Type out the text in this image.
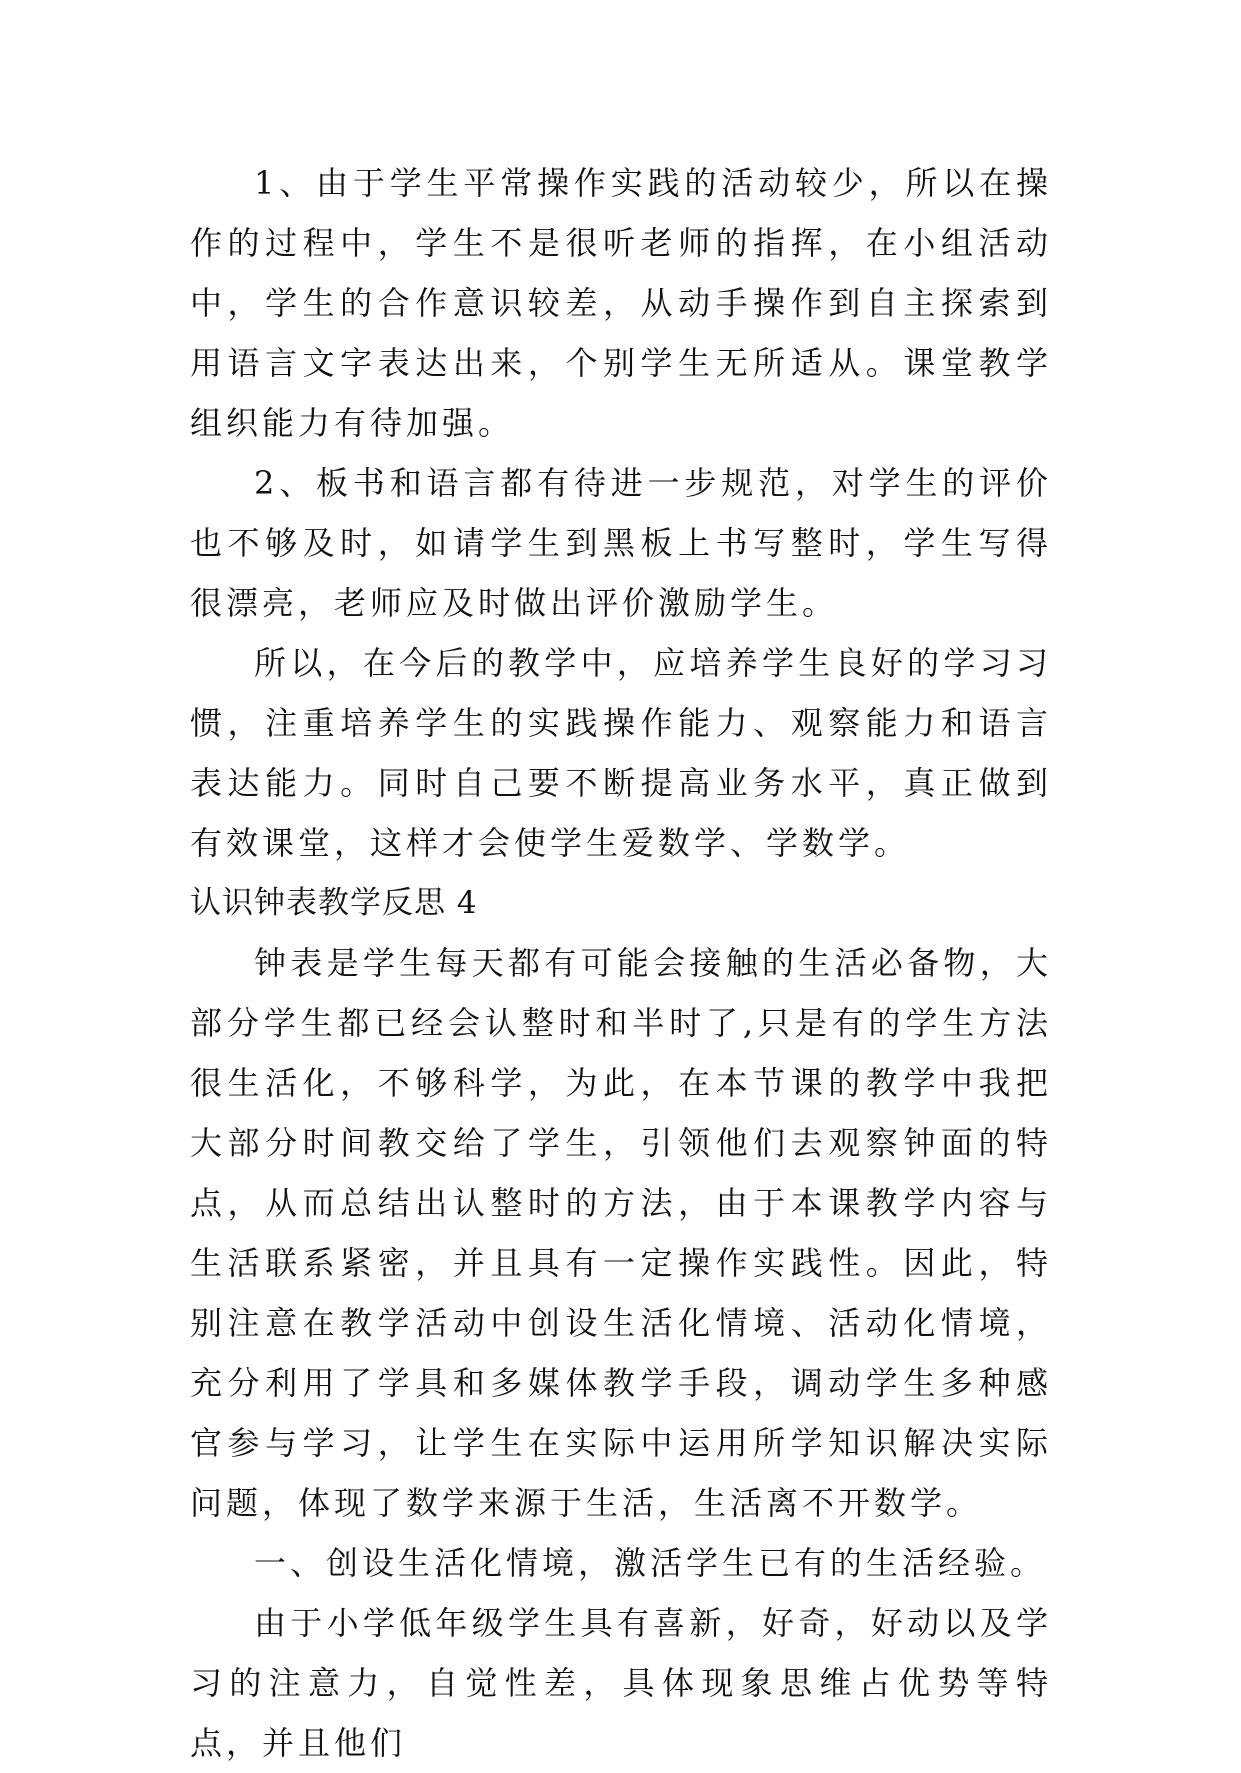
1、由于学生平常操作实践的活动较少，所以在操作的过程中，学生不是很听老师的指挥，在小组活动中，学生的合作意识较差，从动手操作到自主探索到用语言文字表达出来，个别学生无所适从。课堂教学组织能力有待加强。

2、板书和语言都有待进一步规范，对学生的评价也不够及时，如请学生到黑板上书写整时，学生写得很漂亮，老师应及时做出评价激励学生。

所以，在今后的教学中，应培养学生良好的学习习惯，注重培养学生的实践操作能力、观察能力和语言表达能力。同时自己要不断提高业务水平，真正做到有效课堂，这样才会使学生爱数学、学数学。

认识钟表教学反思 4

钟表是学生每天都有可能会接触的生活必备物，大部分学生都已经会认整时和半时了,只是有的学生方法很生活化，不够科学，为此，在本节课的教学中我把大部分时间教交给了学生，引领他们去观察钟面的特点，从而总结出认整时的方法，由于本课教学内容与生活联系紧密，并且具有一定操作实践性。因此，特别注意在教学活动中创设生活化情境、活动化情境，充分利用了学具和多媒体教学手段，调动学生多种感官参与学习，让学生在实际中运用所学知识解决实际问题，体现了数学来源于生活，生活离不开数学。

一、创设生活化情境，激活学生已有的生活经验。

由于小学低年级学生具有喜新，好奇，好动以及学习的注意力，自觉性差，具体现象思维占优势等特点，并且他们
